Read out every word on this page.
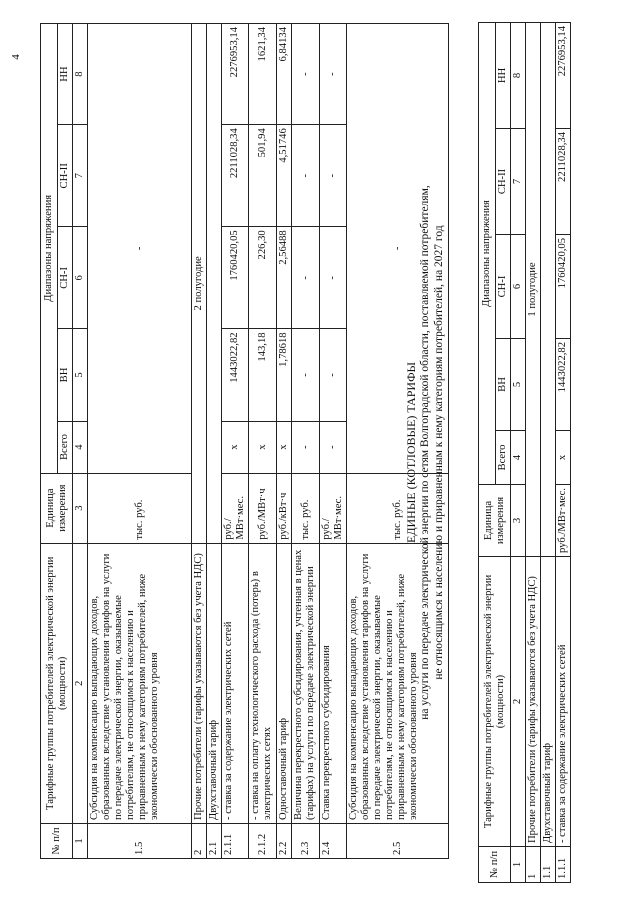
4
№ п/п	Тарифные группы потребителей электрической энергии (мощности)	Единица измерения	Диапазоны напряжения				
			Всего	ВН	СН-I	СН-II	НН
1	2	3	4	5	6	7	8
1.5	Субсидия на компенсацию выпадающих доходов, образованных вследствие установления тарифов на услуги по передаче электрической энергии, оказываемые потребителям, не относящимся к населению и приравненным к нему категориям потребителей, ниже экономически обоснованного уровня	тыс. руб.	-				
2	Прочие потребители (тарифы указываются без учета НДС)	2 полугодие					
2.1	Двухставочный тариф						
2.1.1	- ставка за содержание электрических сетей	руб./МВт·мес.	х	1443022,82	1760420,05	2211028,34	2276953,14
2.1.2	- ставка на оплату технологического расхода (потерь) в электрических сетях	руб./МВт·ч	х	143,18	226,30	501,94	1621,34
2.2	Одноставочный тариф	руб./кВт·ч	х	1,78618	2,56488	4,51746	6,84134
2.3	Величина перекрестного субсидирования, учтенная в ценах (тарифах) на услуги по передаче электрической энергии	тыс. руб.	-	-	-	-	-
2.4	Ставка перекрестного субсидирования	руб./МВт·мес.	-	-	-	-	-
2.5	Субсидия на компенсацию выпадающих доходов, образованных вследствие установления тарифов на услуги по передаче электрической энергии, оказываемые потребителям, не относящимся к населению и приравненным к нему категориям потребителей, ниже экономически обоснованного уровня	тыс. руб.	-				
ЕДИНЫЕ (КОТЛОВЫЕ) ТАРИФЫ на услуги по передаче электрической энергии по сетям Волгоградской области, поставляемой потребителям, не относящимся к населению и приравненным к нему категориям потребителей, на 2027 год
№ п/п	Тарифные группы потребителей электрической энергии (мощности)	Единица измерения	Диапазоны напряжения				
			Всего	ВН	СН-I	СН-II	НН
1	2	3	4	5	6	7	8
1	Прочие потребители (тарифы указываются без учета НДС)	1 полугодие					
1.1	Двухставочный тариф						
1.1.1	- ставка за содержание электрических сетей	руб./МВт·мес.	х	1443022,82	1760420,05	2211028,34	2276953,14
